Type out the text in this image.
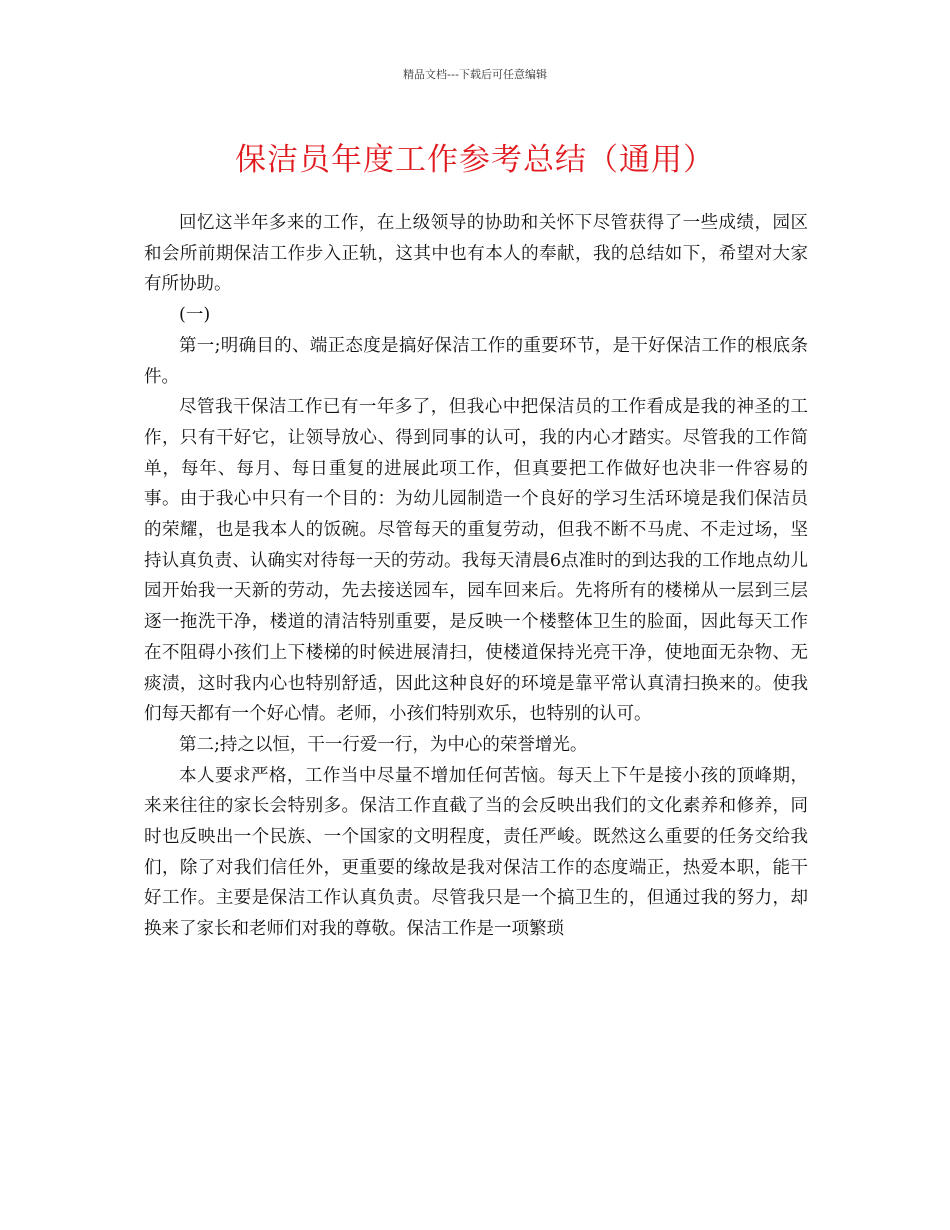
精品文档---下载后可任意编辑
保洁员年度工作参考总结（通用）

回忆这半年多来的工作，在上级领导的协助和关怀下尽管获得了一些成绩，园区和会所前期保洁工作步入正轨，这其中也有本人的奉献，我的总结如下，希望对大家有所协助。

(一)

第一;明确目的、端正态度是搞好保洁工作的重要环节，是干好保洁工作的根底条件。

尽管我干保洁工作已有一年多了，但我心中把保洁员的工作看成是我的神圣的工作，只有干好它，让领导放心、得到同事的认可，我的内心才踏实。尽管我的工作简单，每年、每月、每日重复的进展此项工作，但真要把工作做好也决非一件容易的事。由于我心中只有一个目的：为幼儿园制造一个良好的学习生活环境是我们保洁员的荣耀，也是我本人的饭碗。尽管每天的重复劳动，但我不断不马虎、不走过场，坚持认真负责、认确实对待每一天的劳动。我每天清晨6点准时的到达我的工作地点幼儿园开始我一天新的劳动，先去接送园车，园车回来后。先将所有的楼梯从一层到三层逐一拖洗干净，楼道的清洁特别重要，是反映一个楼整体卫生的脸面，因此每天工作在不阻碍小孩们上下楼梯的时候进展清扫，使楼道保持光亮干净，使地面无杂物、无痰渍，这时我内心也特别舒适，因此这种良好的环境是靠平常认真清扫换来的。使我们每天都有一个好心情。老师，小孩们特别欢乐，也特别的认可。

第二;持之以恒，干一行爱一行，为中心的荣誉增光。

本人要求严格，工作当中尽量不增加任何苦恼。每天上下午是接小孩的顶峰期，来来往往的家长会特别多。保洁工作直截了当的会反映出我们的文化素养和修养，同时也反映出一个民族、一个国家的文明程度，责任严峻。既然这么重要的任务交给我们，除了对我们信任外，更重要的缘故是我对保洁工作的态度端正，热爱本职，能干好工作。主要是保洁工作认真负责。尽管我只是一个搞卫生的，但通过我的努力，却换来了家长和老师们对我的尊敬。保洁工作是一项繁琐
